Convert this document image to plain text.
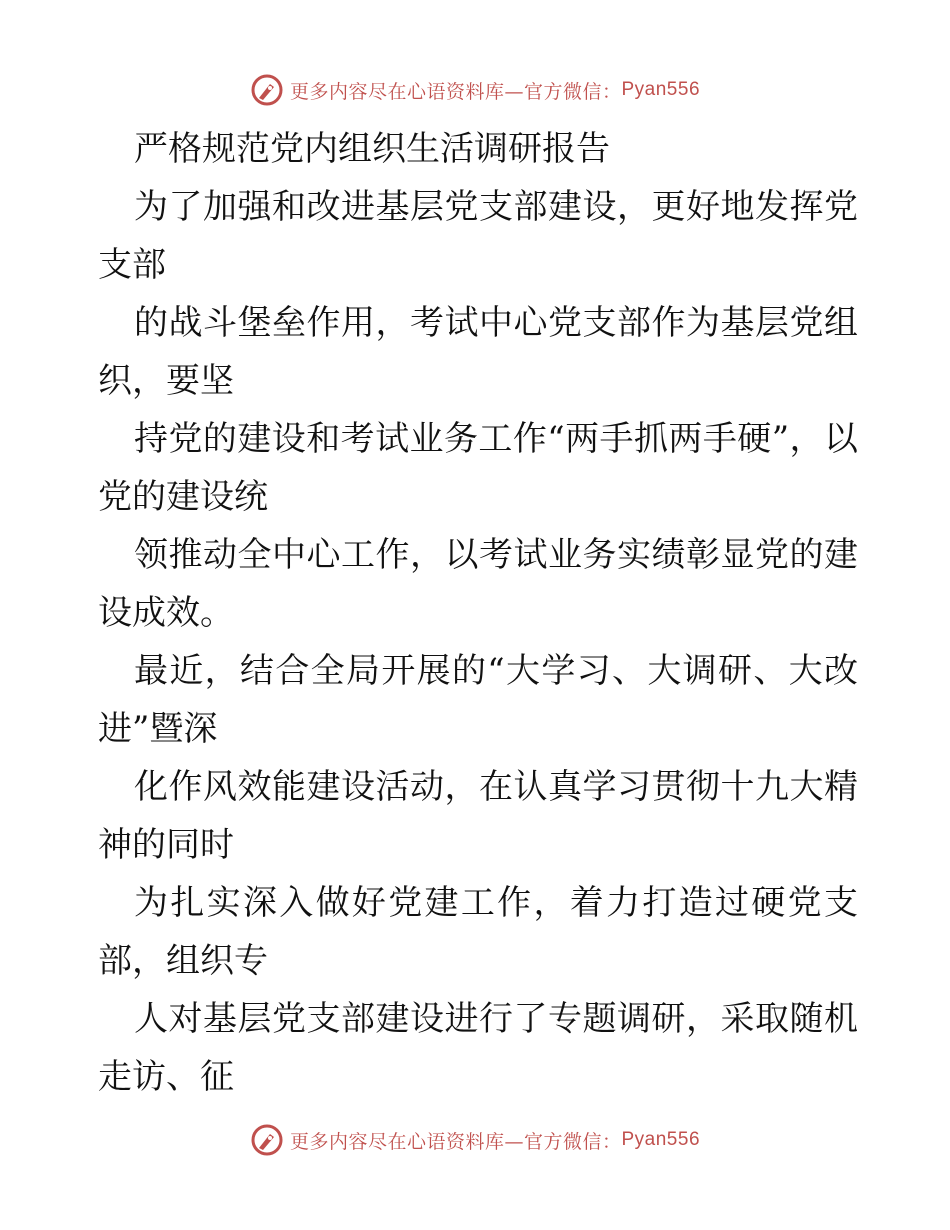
更多内容尽在心语资料库—官方微信： Pyan556

严格规范党内组织生活调研报告

为了加强和改进基层党支部建设，更好地发挥党支部

的战斗堡垒作用，考试中心党支部作为基层党组织，要坚

持党的建设和考试业务工作“两手抓两手硬”，以党的建设统

领推动全中心工作，以考试业务实绩彰显党的建设成效。

最近，结合全局开展的“大学习、大调研、大改进”暨深

化作风效能建设活动，在认真学习贯彻十九大精神的同时

为扎实深入做好党建工作，着力打造过硬党支部，组织专

人对基层党支部建设进行了专题调研，采取随机走访、征

更多内容尽在心语资料库—官方微信： Pyan556
